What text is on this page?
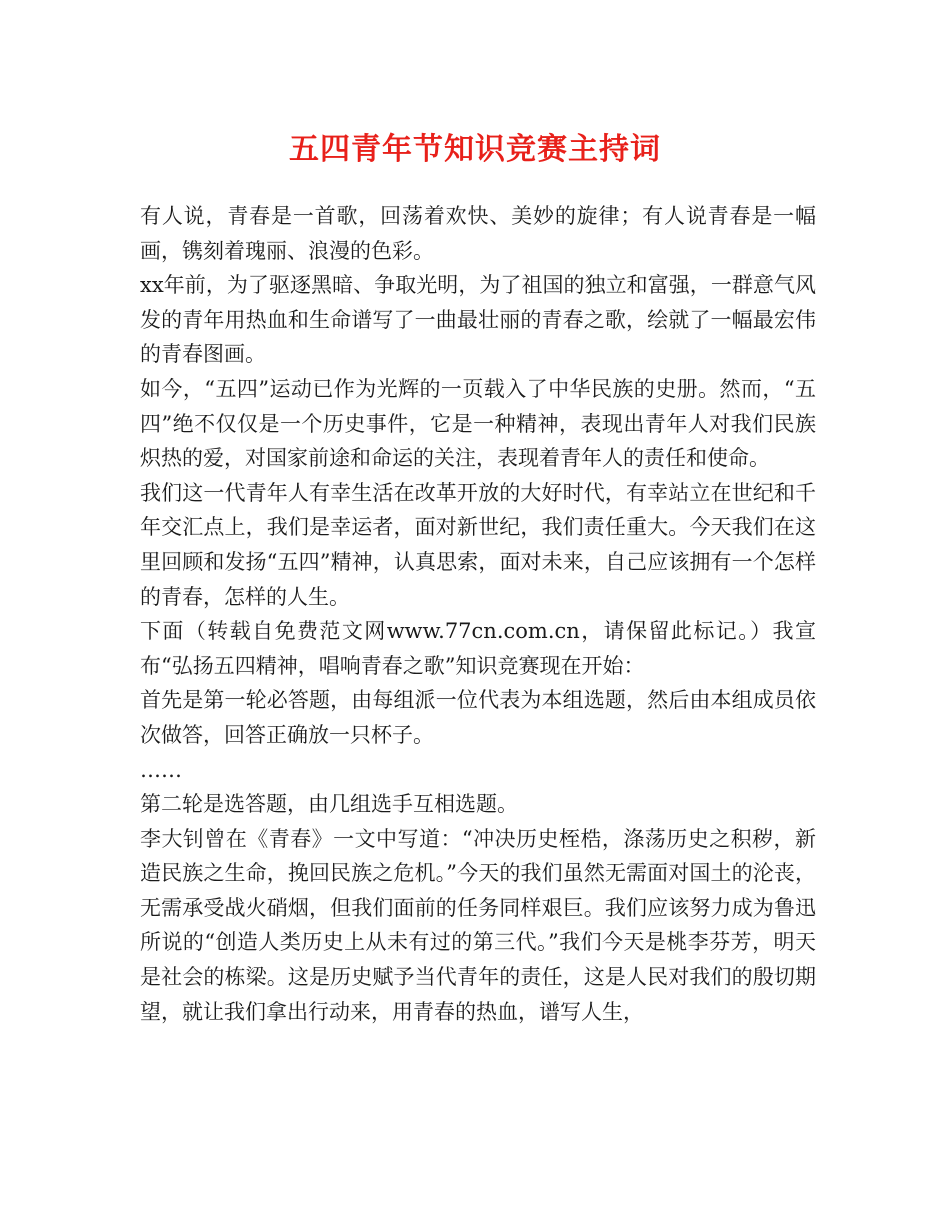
五四青年节知识竞赛主持词

有人说，青春是一首歌，回荡着欢快、美妙的旋律；有人说青春是一幅画，镌刻着瑰丽、浪漫的色彩。

xx年前，为了驱逐黑暗、争取光明，为了祖国的独立和富强，一群意气风发的青年用热血和生命谱写了一曲最壮丽的青春之歌，绘就了一幅最宏伟的青春图画。

如今，“五四”运动已作为光辉的一页载入了中华民族的史册。然而，“五四”绝不仅仅是一个历史事件，它是一种精神，表现出青年人对我们民族炽热的爱，对国家前途和命运的关注，表现着青年人的责任和使命。

我们这一代青年人有幸生活在改革开放的大好时代，有幸站立在世纪和千年交汇点上，我们是幸运者，面对新世纪，我们责任重大。今天我们在这里回顾和发扬“五四”精神，认真思索，面对未来，自己应该拥有一个怎样的青春，怎样的人生。

下面（转载自免费范文网www.77cn.com.cn，请保留此标记。）我宣布“弘扬五四精神，唱响青春之歌”知识竞赛现在开始：

首先是第一轮必答题，由每组派一位代表为本组选题，然后由本组成员依次做答，回答正确放一只杯子。

……

第二轮是选答题，由几组选手互相选题。

李大钊曾在《青春》一文中写道：“冲决历史桎梏，涤荡历史之积秽，新造民族之生命，挽回民族之危机。”今天的我们虽然无需面对国土的沦丧，无需承受战火硝烟，但我们面前的任务同样艰巨。我们应该努力成为鲁迅所说的“创造人类历史上从未有过的第三代。”我们今天是桃李芬芳，明天是社会的栋梁。这是历史赋予当代青年的责任，这是人民对我们的殷切期望，就让我们拿出行动来，用青春的热血，谱写人生，
